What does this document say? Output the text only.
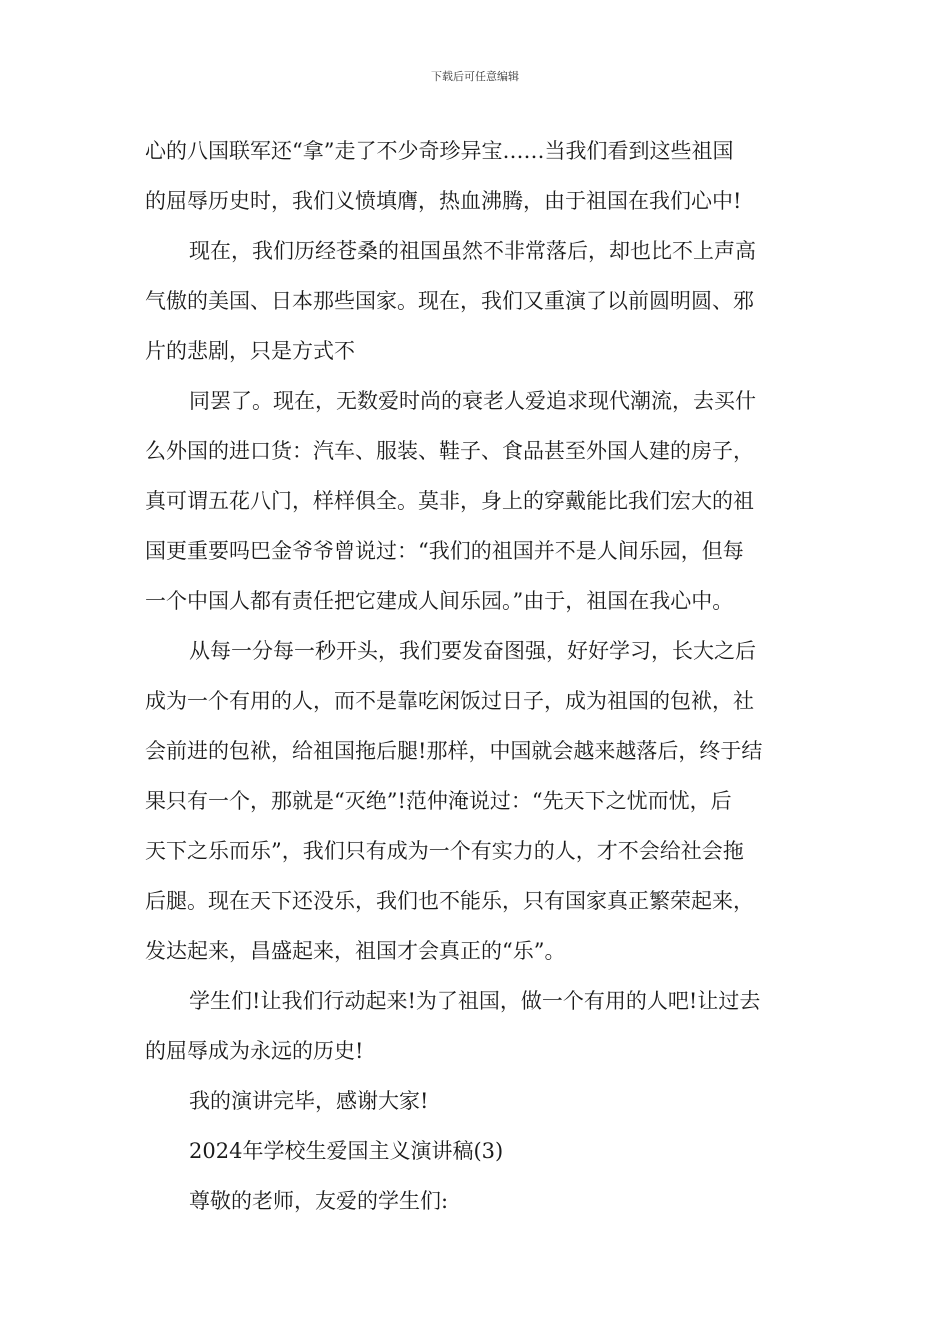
下载后可任意编辑
心的八国联军还“拿”走了不少奇珍异宝……当我们看到这些祖国
的屈辱历史时，我们义愤填膺，热血沸腾，由于祖国在我们心中!
现在，我们历经苍桑的祖国虽然不非常落后，却也比不上声高
气傲的美国、日本那些国家。现在，我们又重演了以前圆明圆、邪
片的悲剧，只是方式不
同罢了。现在，无数爱时尚的衰老人爱追求现代潮流，去买什
么外国的进口货：汽车、服装、鞋子、食品甚至外国人建的房子，
真可谓五花八门，样样俱全。莫非，身上的穿戴能比我们宏大的祖
国更重要吗巴金爷爷曾说过：“我们的祖国并不是人间乐园，但每
一个中国人都有责任把它建成人间乐园。”由于，祖国在我心中。
从每一分每一秒开头，我们要发奋图强，好好学习，长大之后
成为一个有用的人，而不是靠吃闲饭过日子，成为祖国的包袱，社
会前进的包袱，给祖国拖后腿!那样，中国就会越来越落后，终于结
果只有一个，那就是“灭绝”!范仲淹说过：“先天下之忧而忧，后
天下之乐而乐”，我们只有成为一个有实力的人，才不会给社会拖
后腿。现在天下还没乐，我们也不能乐，只有国家真正繁荣起来，
发达起来，昌盛起来，祖国才会真正的“乐”。
学生们!让我们行动起来!为了祖国，做一个有用的人吧!让过去
的屈辱成为永远的历史!
我的演讲完毕，感谢大家!
2024年学校生爱国主义演讲稿(3)
尊敬的老师，友爱的学生们:
